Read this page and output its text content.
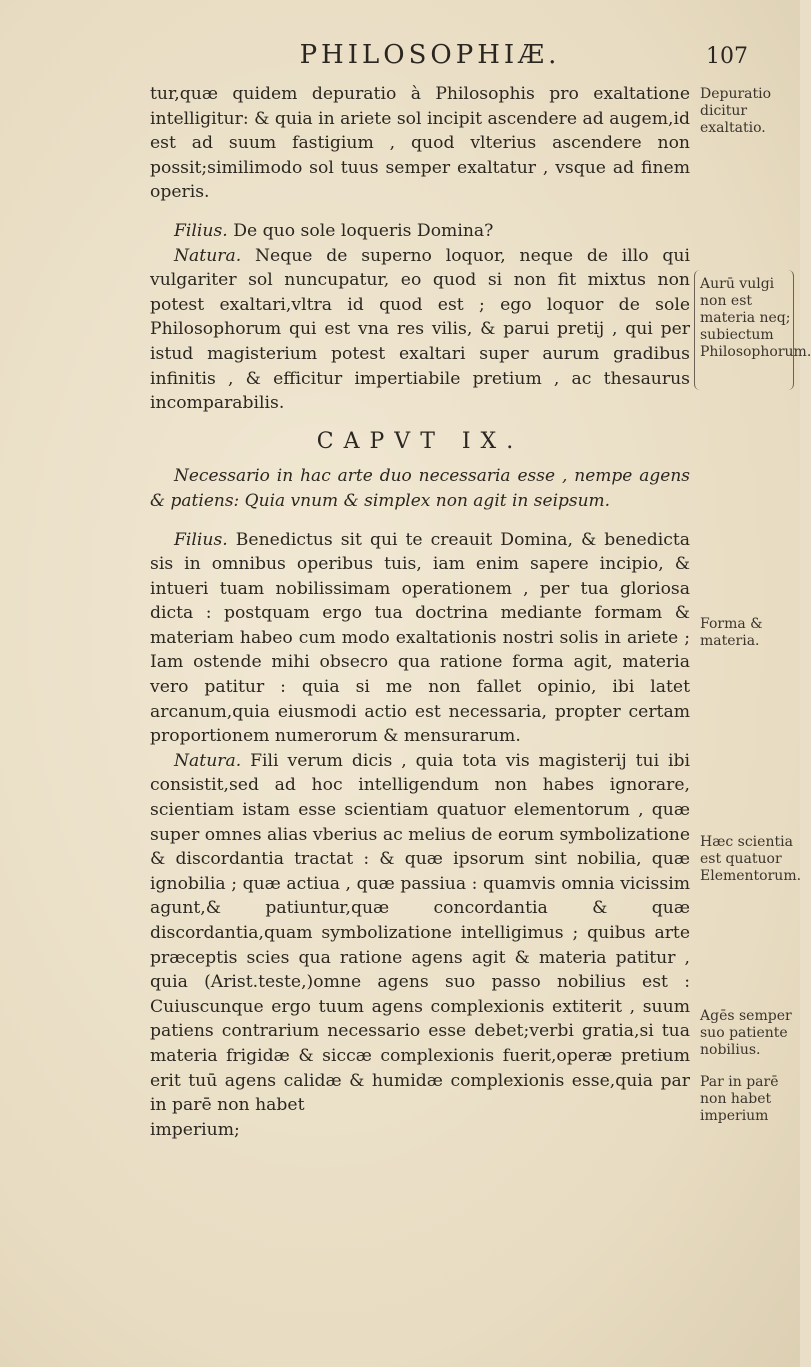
PHILOSOPHIÆ.	107

tur,quæ quidem depuratio à Philosophis pro exaltatione intelligitur: & quia in ariete sol incipit ascendere ad augem,id est ad suum fastigium , quod vlterius ascendere non possit;similimodo sol tuus semper exaltatur , vsque ad finem operis.

Filius. De quo sole loqueris Domina?

Natura. Neque de superno loquor, neque de illo qui vulgariter sol nuncupatur, eo quod si non fit mixtus non potest exaltari,vltra id quod est ; ego loquor de sole Philosophorum qui est vna res vilis, & parui pretij , qui per istud magisterium potest exaltari super aurum gradibus infinitis , & efficitur impertiabile pretium , ac thesaurus incomparabilis.

CAPVT IX.

Necessario in hac arte duo necessaria esse , nempe agens & patiens: Quia vnum & simplex non agit in seipsum.

Filius. Benedictus sit qui te creauit Domina, & benedicta sis in omnibus operibus tuis, iam enim sapere incipio, & intueri tuam nobilissimam operationem , per tua gloriosa dicta : postquam ergo tua doctrina mediante formam & materiam habeo cum modo exaltationis nostri solis in ariete ; Iam ostende mihi obsecro qua ratione forma agit, materia vero patitur : quia si me non fallet opinio, ibi latet arcanum,quia eiusmodi actio est necessaria, propter certam proportionem numerorum & mensurarum.

Natura. Fili verum dicis , quia tota vis magisterij tui ibi consistit,sed ad hoc intelligendum non habes ignorare, scientiam istam esse scientiam quatuor elementorum , quæ super omnes alias vberius ac melius de eorum symbolizatione & discordantia tractat : & quæ ipsorum sint nobilia, quæ ignobilia ; quæ actiua , quæ passiua : quamvis omnia vicissim agunt,& patiuntur,quæ concordantia & quæ discordantia,quam symbolizatione intelligimus ; quibus arte præceptis scies qua ratione agens agit & materia patitur , quia (Arist.teste,)omne agens suo passo nobilius est : Cuiuscunque ergo tuum agens complexionis extiterit , suum patiens contrarium necessario esse debet;verbi gratia,si tua materia frigidæ & siccæ complexionis fuerit,operæ pretium erit tuū agens calidæ & humidæ complexionis esse,quia par in parē non habet

imperium;

Depuratio dicitur exaltatio.
Aurū vulgi non est materia neq; subiectum Philosophorum.
Forma & materia.
Hæc scientia est quatuor Elementorum.
Agēs semper suo patiente nobilius.
Par in parē non habet imperium
